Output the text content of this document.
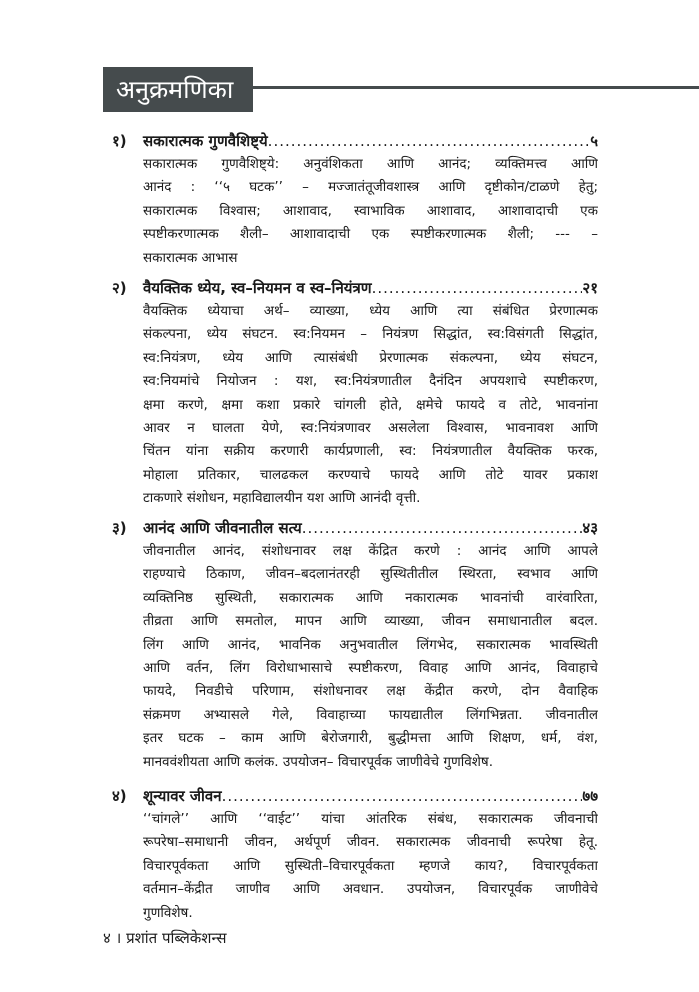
अनुक्रमणिका
१)	सकारात्मक गुणवैशिष्ट्ये .....	५
सकारात्मक गुणवैशिष्ट्ये: अनुवंशिकता आणि आनंद; व्यक्तिमत्त्व आणि
आनंद : ‘‘५ घटक’’ – मज्जातंतूजीवशास्त्र आणि दृष्टीकोन/टाळणे हेतु;
सकारात्मक विश्वास; आशावाद, स्वाभाविक आशावाद, आशावादाची एक
स्पष्टीकरणात्मक शैली– आशावादाची एक स्पष्टीकरणात्मक शैली; --- –
सकारात्मक आभास
२)	वैयक्तिक ध्येय, स्व–नियमन व स्व–नियंत्रण .....	२१
वैयक्तिक ध्येयाचा अर्थ– व्याख्या, ध्येय आणि त्या संबंधित प्रेरणात्मक
संकल्पना, ध्येय संघटन. स्व:नियमन – नियंत्रण सिद्धांत, स्व:विसंगती सिद्धांत,
स्व:नियंत्रण, ध्येय आणि त्यासंबंधी प्रेरणात्मक संकल्पना, ध्येय संघटन,
स्व:नियमांचे नियोजन : यश, स्व:नियंत्रणातील दैनंदिन अपयशाचे स्पष्टीकरण,
क्षमा करणे, क्षमा कशा प्रकारे चांगली होते, क्षमेचे फायदे व तोटे, भावनांना
आवर न घालता येणे, स्व:नियंत्रणावर असलेला विश्वास, भावनावश आणि
चिंतन यांना सक्रीय करणारी कार्यप्रणाली, स्व: नियंत्रणातील वैयक्तिक फरक,
मोहाला प्रतिकार, चालढकल करण्याचे फायदे आणि तोटे यावर प्रकाश
टाकणारे संशोधन, महाविद्यालयीन यश आणि आनंदी वृत्ती.
३)	आनंद आणि जीवनातील सत्य .....	४३
जीवनातील आनंद, संशोधनावर लक्ष केंद्रित करणे : आनंद आणि आपले
राहण्याचे ठिकाण, जीवन–बदलानंतरही सुस्थितीतील स्थिरता, स्वभाव आणि
व्यक्तिनिष्ठ सुस्थिती, सकारात्मक आणि नकारात्मक भावनांची वारंवारिता,
तीव्रता आणि समतोल, मापन आणि व्याख्या, जीवन समाधानातील बदल.
लिंग आणि आनंद, भावनिक अनुभवातील लिंगभेद, सकारात्मक भावस्थिती
आणि वर्तन, लिंग विरोधाभासाचे स्पष्टीकरण, विवाह आणि आनंद, विवाहाचे
फायदे, निवडीचे परिणाम, संशोधनावर लक्ष केंद्रीत करणे, दोन वैवाहिक
संक्रमण अभ्यासले गेले, विवाहाच्या फायद्यातील लिंगभिन्नता. जीवनातील
इतर घटक – काम आणि बेरोजगारी, बुद्धीमत्ता आणि शिक्षण, धर्म, वंश,
मानववंशीयता आणि कलंक. उपयोजन– विचारपूर्वक जाणीवेचे गुणविशेष.
४)	शून्यावर जीवन .....	७७
‘‘चांगले’’ आणि ‘‘वाईट’’ यांचा आंतरिक संबंध, सकारात्मक जीवनाची
रूपरेषा–समाधानी जीवन, अर्थपूर्ण जीवन. सकारात्मक जीवनाची रूपरेषा हेतू.
विचारपूर्वकता आणि सुस्थिती–विचारपूर्वकता म्हणजे काय?, विचारपूर्वकता
वर्तमान–केंद्रीत जाणीव आणि अवधान. उपयोजन, विचारपूर्वक जाणीवेचे
गुणविशेष.
४ । प्रशांत पब्लिकेशन्स
